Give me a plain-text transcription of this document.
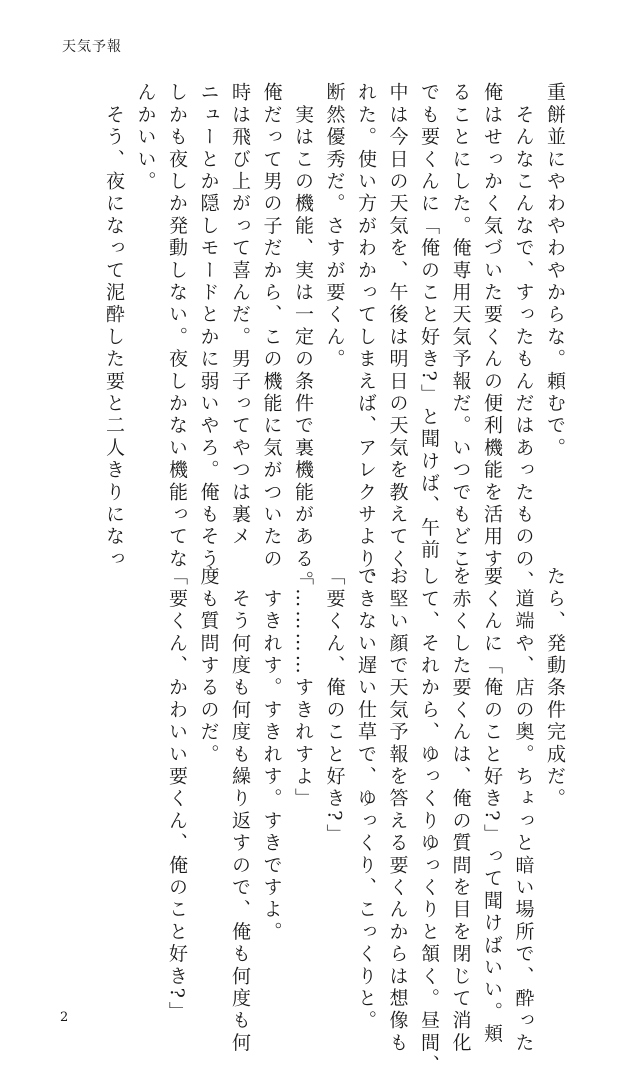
天気予報
重餅並にやわやわやからな。頼むで。
　そんなこんなで、すったもんだはあったものの、
俺はせっかく気づいた要くんの便利機能を活用す
ることにした。俺専用天気予報だ。いつでもどこ
でも要くんに「俺のこと好き?」と聞けば、午前
中は今日の天気を、午後は明日の天気を教えてく
れた。使い方がわかってしまえば、アレクサより、
断然優秀だ。さすが要くん。
　実はこの機能、実は一定の条件で裏機能がある。
俺だって男の子だから、この機能に気がついたの
時は飛び上がって喜んだ。男子ってやつは裏メ
ニューとか隠しモードとかに弱いやろ。俺もそう。
しかも夜しか発動しない。夜しかない機能ってな
んかいい。
　そう、夜になって泥酔した要と二人きりになっ
たら、発動条件完成だ。
　道端や、店の奥。ちょっと暗い場所で、酔った
要くんに「俺のこと好き?」って聞けばいい。頬
を赤くした要くんは、俺の質問を目を閉じて消化
して、それから、ゆっくりゆっくりと頷く。昼間、
お堅い顔で天気予報を答える要くんからは想像も
できない遅い仕草で、ゆっくり、こっくりと。
「要くん、俺のこと好き?」
「…………すきれすよ」
　すきれす。すきれす。すきですよ。
　そう何度も何度も繰り返すので、俺も何度も何
度も質問するのだ。
「要くん、かわいい要くん、俺のこと好き?」
2
